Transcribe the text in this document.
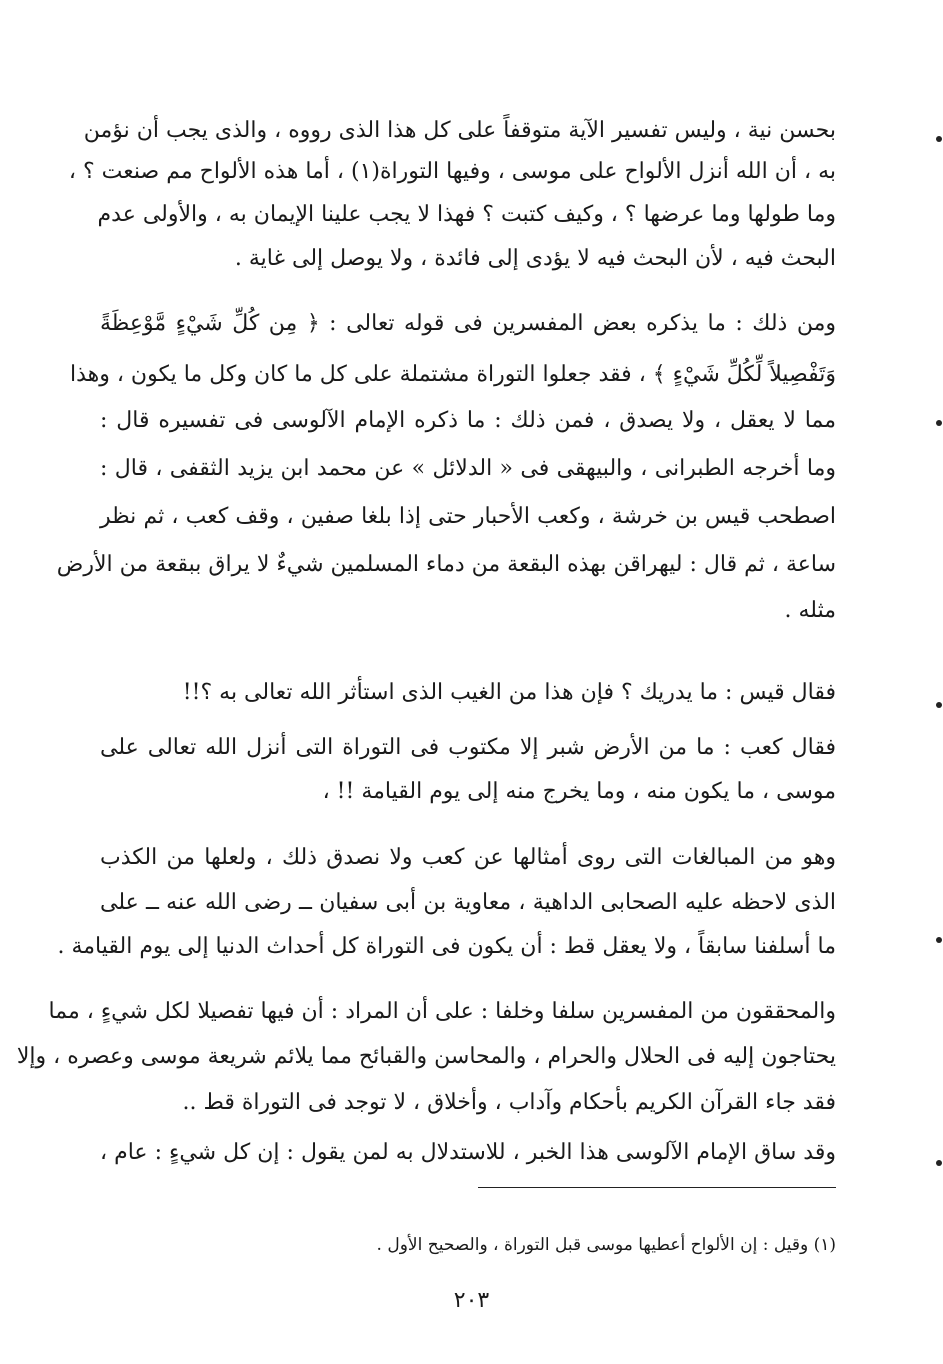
بحسن نية ، وليس تفسير الآية متوقفاً على كل هذا الذى رووه ، والذى يجب أن نؤمن
به ، أن الله أنزل الألواح على موسى ، وفيها التوراة(١) ، أما هذه الألواح مم صنعت ؟ ،
وما طولها وما عرضها ؟ ، وكيف كتبت ؟ فهذا لا يجب علينا الإيمان به ، والأولى عدم
البحث فيه ، لأن البحث فيه لا يؤدى إلى فائدة ، ولا يوصل إلى غاية .
ومن ذلك : ما يذكره بعض المفسرين فى قوله تعالى : ﴿ مِن كُلِّ شَيْءٍ مَّوْعِظَةً
وَتَفْصِيلاً لِّكُلِّ شَيْءٍ ﴾ ، فقد جعلوا التوراة مشتملة على كل ما كان وكل ما يكون ، وهذا
مما لا يعقل ، ولا يصدق ، فمن ذلك : ما ذكره الإمام الآلوسى فى تفسيره قال :
وما أخرجه الطبرانى ، والبيهقى فى « الدلائل » عن محمد ابن يزيد الثقفى ، قال :
اصطحب قيس بن خرشة ، وكعب الأحبار حتى إذا بلغا صفين ، وقف كعب ، ثم نظر
ساعة ، ثم قال : ليهراقن بهذه البقعة من دماء المسلمين شيءٌ لا يراق ببقعة من الأرض
مثله .
فقال قيس : ما يدريك ؟ فإن هذا من الغيب الذى استأثر الله تعالى به ؟!!
فقال كعب : ما من الأرض شبر إلا مكتوب فى التوراة التى أنزل الله تعالى على
موسى ، ما يكون منه ، وما يخرج منه إلى يوم القيامة !! ،
وهو من المبالغات التى روى أمثالها عن كعب ولا نصدق ذلك ، ولعلها من الكذب
الذى لاحظه عليه الصحابى الداهية ، معاوية بن أبى سفيان ــ رضى الله عنه ــ على
ما أسلفنا سابقاً ، ولا يعقل قط : أن يكون فى التوراة كل أحداث الدنيا إلى يوم القيامة .
والمحققون من المفسرين سلفا وخلفا : على أن المراد : أن فيها تفصيلا لكل شيءٍ ، مما
يحتاجون إليه فى الحلال والحرام ، والمحاسن والقبائح مما يلائم شريعة موسى وعصره ، وإلا
فقد جاء القرآن الكريم بأحكام وآداب ، وأخلاق ، لا توجد فى التوراة قط ..
وقد ساق الإمام الآلوسى هذا الخبر ، للاستدلال به لمن يقول : إن كل شيءٍ : عام ،
(١) وقيل : إن الألواح أعطيها موسى قبل التوراة ، والصحيح الأول .
٢٠٣
